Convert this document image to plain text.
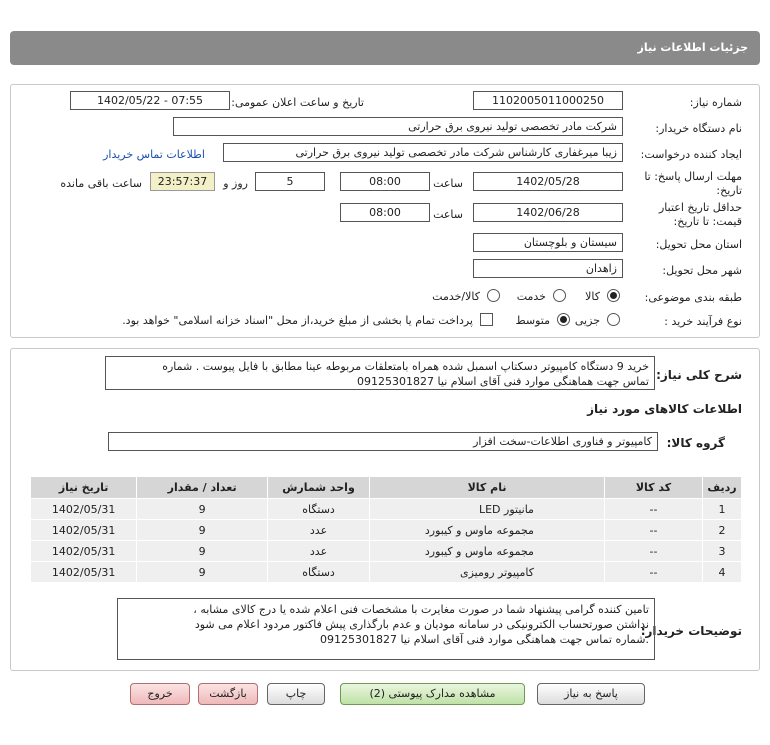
جزئیات اطلاعات نیاز
شماره نیاز:
1102005011000250
تاریخ و ساعت اعلان عمومی:
1402/05/22 - 07:55
نام دستگاه خریدار:
شرکت مادر تخصصی تولید نیروی برق حرارتی
ایجاد کننده درخواست:
زیبا میرغفاری کارشناس شرکت مادر تخصصی تولید نیروی برق حرارتی
اطلاعات تماس خریدار
مهلت ارسال پاسخ: تا
تاریخ:
1402/05/28
ساعت
08:00
5
روز و
23:57:37
ساعت باقی مانده
حداقل تاریخ اعتبار
قیمت: تا تاریخ:
1402/06/28
ساعت
08:00
استان محل تحویل:
سیستان و بلوچستان
شهر محل تحویل:
زاهدان
طبقه بندی موضوعی:
کالا
خدمت
کالا/خدمت
نوع فرآیند خرید :
جزیی
متوسط
پرداخت تمام یا بخشی از مبلغ خرید،از محل "اسناد خزانه اسلامی" خواهد بود.
شرح کلی نیاز:
خرید 9 دستگاه کامپیوتر دسکتاپ اسمبل شده همراه بامتعلقات مربوطه عینا مطابق با فایل پیوست . شماره
تماس جهت هماهنگی موارد فنی آقای اسلام نیا 09125301827
اطلاعات کالاهای مورد نیاز
گروه کالا:
کامپیوتر و فناوری اطلاعات-سخت افزار
ردیف	کد کالا	نام کالا	واحد شمارش	تعداد / مقدار	تاریخ نیاز
1	--	مانیتور LED	دستگاه	9	1402/05/31
2	--	مجموعه ماوس و کیبورد	عدد	9	1402/05/31
3	--	مجموعه ماوس و کیبورد	عدد	9	1402/05/31
4	--	کامپیوتر رومیزی	دستگاه	9	1402/05/31
توضیحات خریدار:
تامین کننده گرامی پیشنهاد شما در صورت مغایرت با مشخصات فنی اعلام شده یا درج کالای مشابه ،
نداشتن صورتحساب الکترونیکی در سامانه مودیان و عدم بارگذاری پیش فاکتور مردود اعلام می شود
.شماره تماس جهت هماهنگی موارد فنی آقای اسلام نیا 09125301827
پاسخ به نیاز
مشاهده مدارک پیوستی (2)
چاپ
بازگشت
خروج
